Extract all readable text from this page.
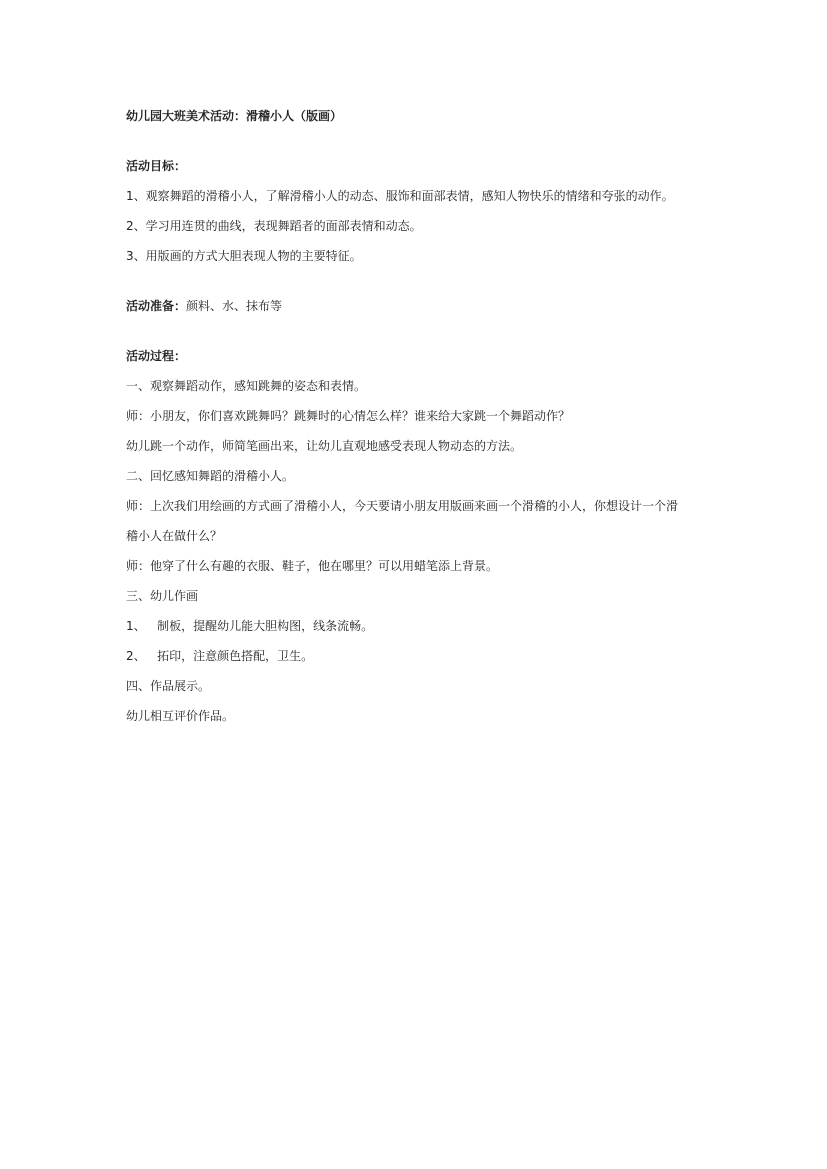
幼儿园大班美术活动：滑稽小人（版画）

活动目标：

1、观察舞蹈的滑稽小人，了解滑稽小人的动态、服饰和面部表情，感知人物快乐的情绪和夸张的动作。

2、学习用连贯的曲线，表现舞蹈者的面部表情和动态。

3、用版画的方式大胆表现人物的主要特征。

活动准备：颜料、水、抹布等

活动过程：

一、观察舞蹈动作，感知跳舞的姿态和表情。

师：小朋友，你们喜欢跳舞吗？跳舞时的心情怎么样？谁来给大家跳一个舞蹈动作？

幼儿跳一个动作，师简笔画出来，让幼儿直观地感受表现人物动态的方法。

二、回忆感知舞蹈的滑稽小人。

师：上次我们用绘画的方式画了滑稽小人，今天要请小朋友用版画来画一个滑稽的小人，你想设计一个滑

稽小人在做什么？

师：他穿了什么有趣的衣服、鞋子，他在哪里？可以用蜡笔添上背景。

三、幼儿作画

1、   制板，提醒幼儿能大胆构图，线条流畅。

2、   拓印，注意颜色搭配，卫生。

四、作品展示。

幼儿相互评价作品。
